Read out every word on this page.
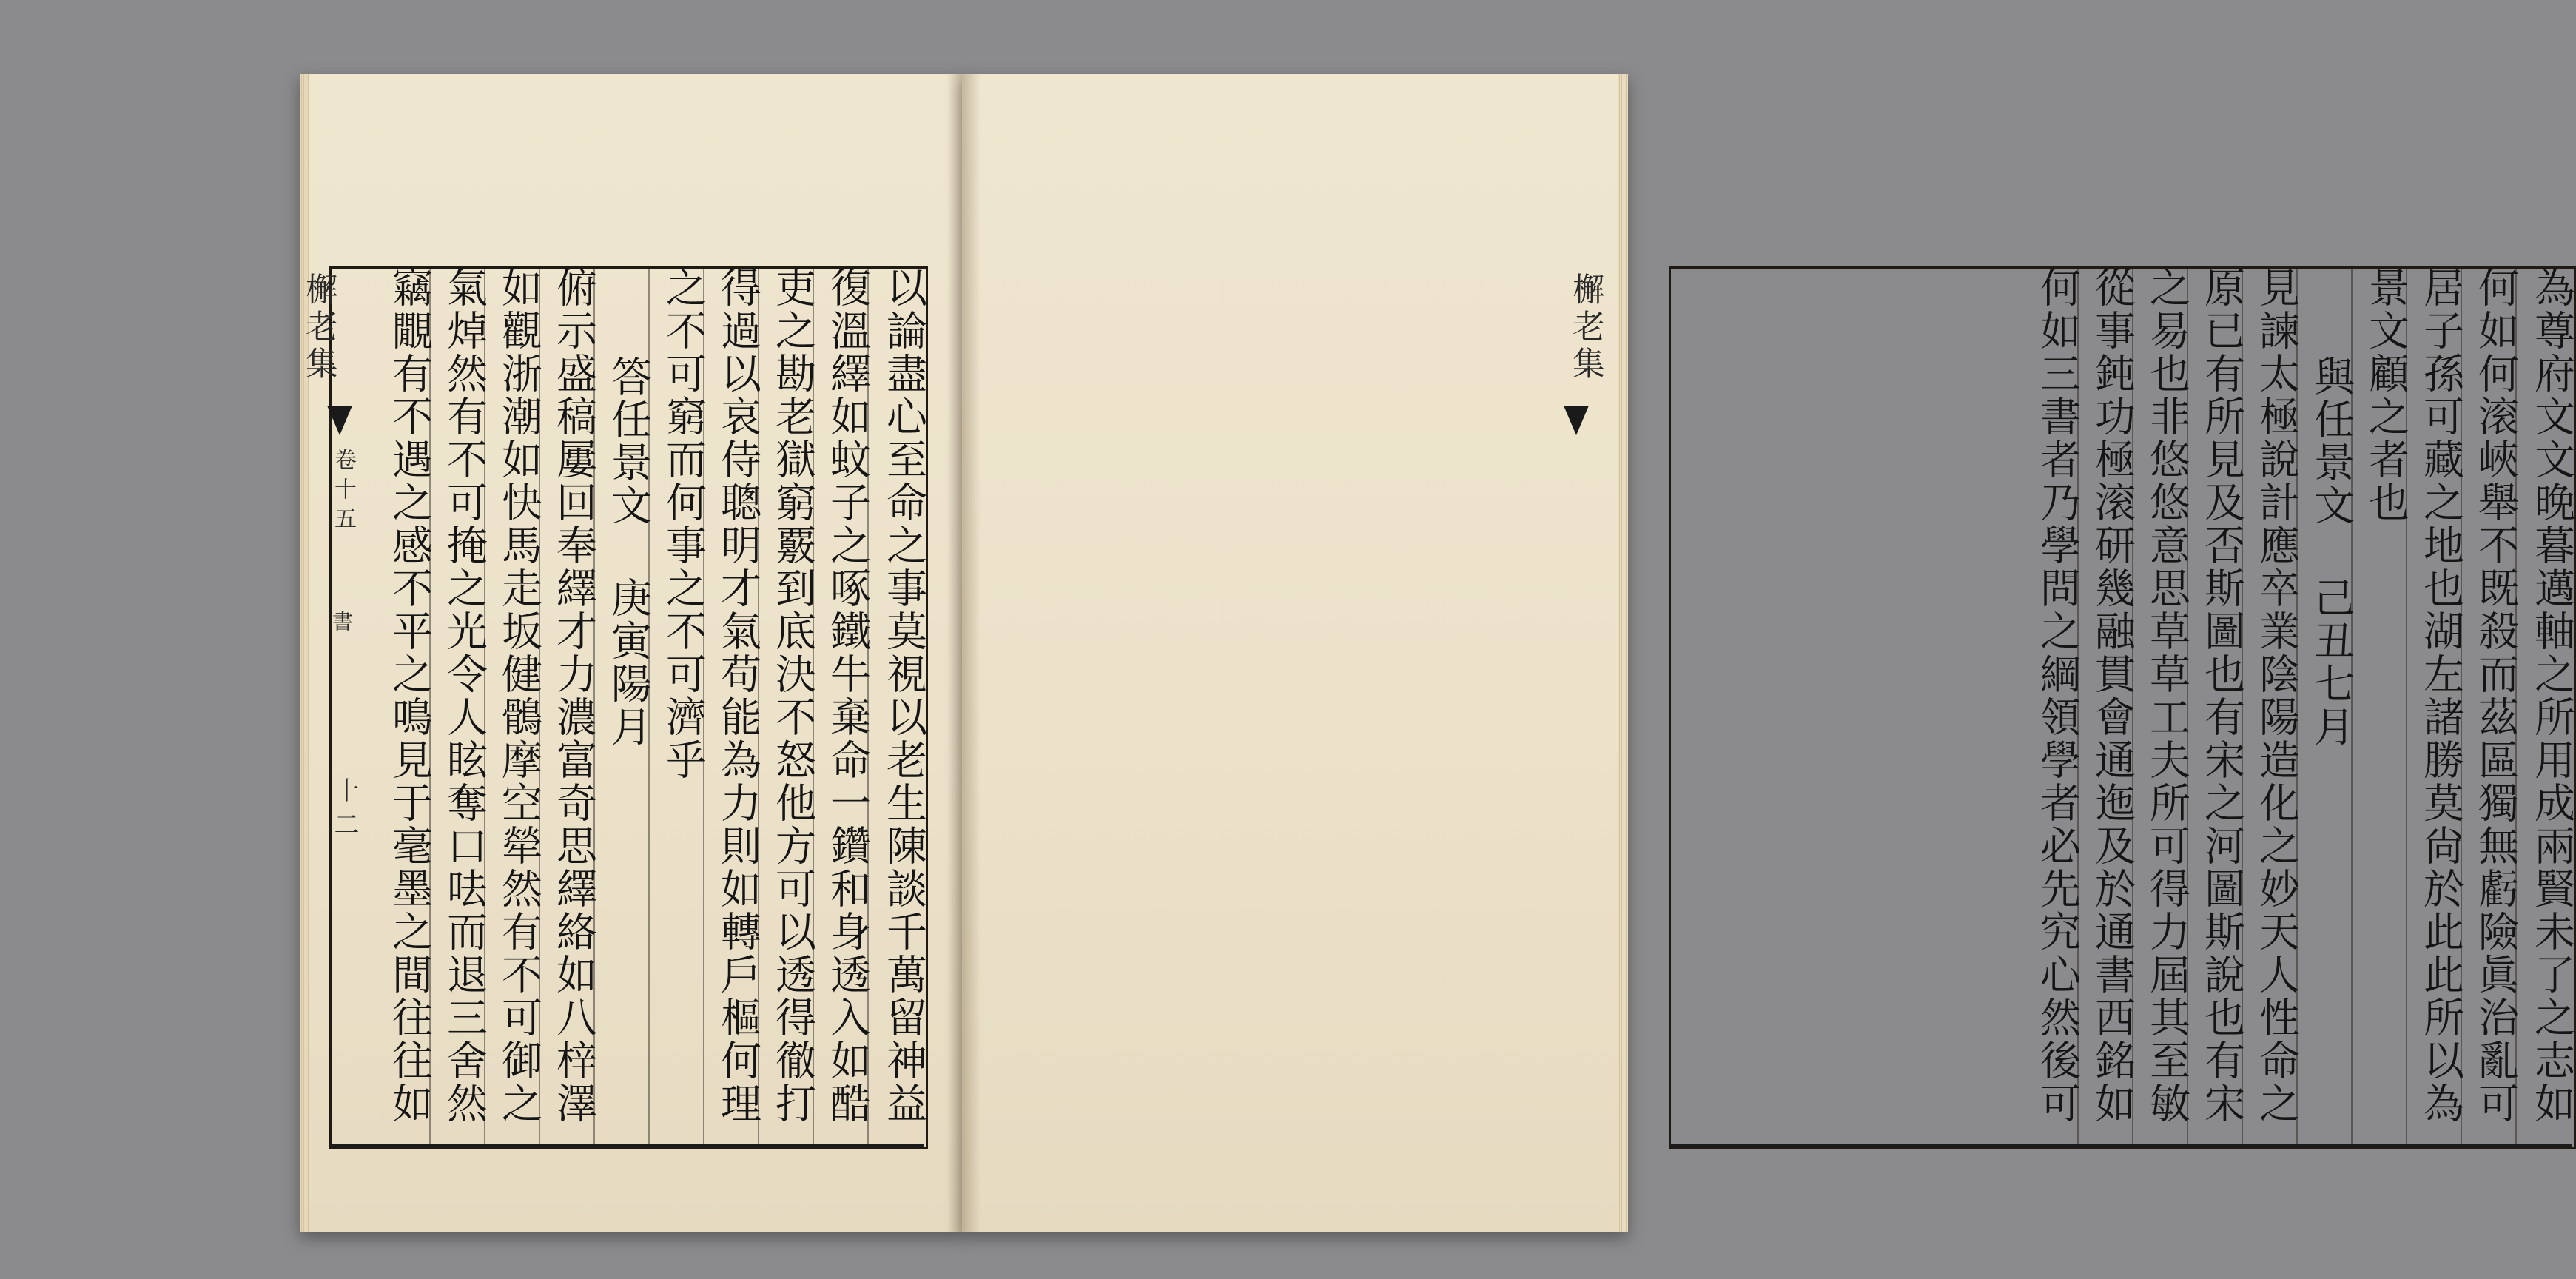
以論盡心至命之事莫視以老生陳談千萬留神益
復溫繹如蚊子之啄鐵牛棄命一鑽和身透入如酷
吏之勘老獄窮覈到底決不怒他方可以透得徹打
得過以哀侍聰明才氣苟能為力則如轉戶樞何理
之不可窮而何事之不可濟乎
答任景文 庚寅陽月
俯示盛稿屢回奉繹才力濃富奇思繹絡如八梓澤
如觀浙潮如快馬走坂健鶻摩空犖然有不可御之
氣焯然有不可掩之光令人眩奪口呿而退三舍然
竊覵有不遇之感不平之鳴見于毫墨之間往往如	為尊府文文晚暮邁軸之所用成兩賢未了之志如
何如何滚峽舉不既殺而茲區獨無虧險眞治亂可
居子孫可藏之地也湖左諸勝莫尙於此此所以為
景文顧之者也
與任景文 己丑七月
見諫太極說計應卒業陰陽造化之妙天人性命之
原已有所見及否斯圖也有宋之河圖斯說也有宋
之易也非悠悠意思草草工夫所可得力屆其至敏
從事鈍功極滚研幾融貫會通迤及於通書西銘如
何如三書者乃學問之綱領學者必先究心然後可
檞老集
卷十五
書
十二
檞老集
